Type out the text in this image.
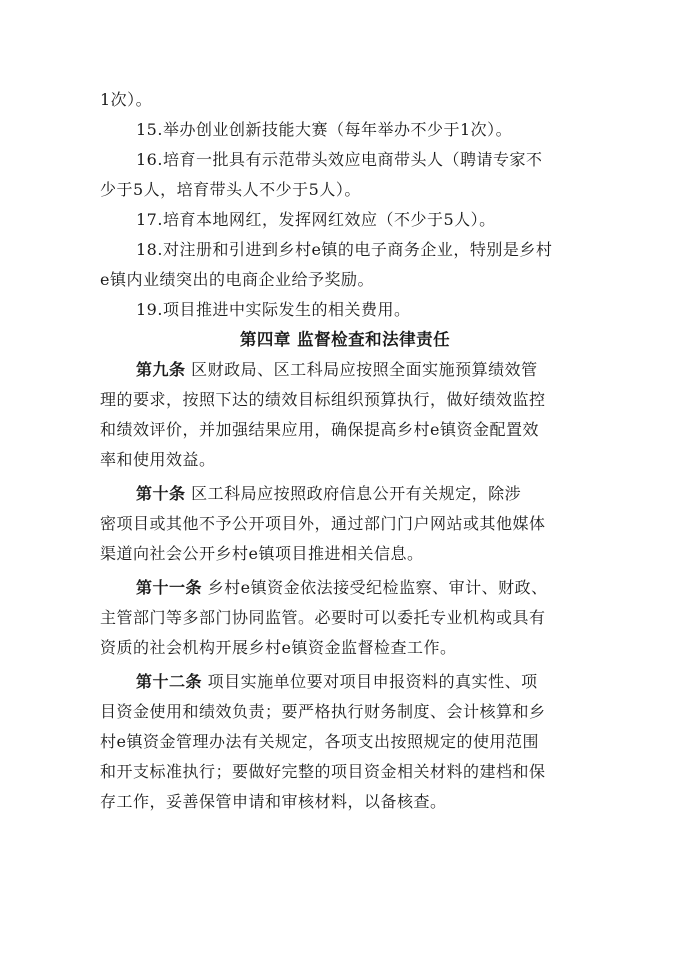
1次）。
15.举办创业创新技能大赛（每年举办不少于1次）。
16.培育一批具有示范带头效应电商带头人（聘请专家不
少于5人，培育带头人不少于5人）。
17.培育本地网红，发挥网红效应（不少于5人）。
18.对注册和引进到乡村e镇的电子商务企业，特别是乡村
e镇内业绩突出的电商企业给予奖励。
19.项目推进中实际发生的相关费用。
第四章 监督检查和法律责任
第九条 区财政局、区工科局应按照全面实施预算绩效管
理的要求，按照下达的绩效目标组织预算执行，做好绩效监控
和绩效评价，并加强结果应用，确保提高乡村e镇资金配置效
率和使用效益。
第十条 区工科局应按照政府信息公开有关规定，除涉
密项目或其他不予公开项目外，通过部门门户网站或其他媒体
渠道向社会公开乡村e镇项目推进相关信息。
第十一条 乡村e镇资金依法接受纪检监察、审计、财政、
主管部门等多部门协同监管。必要时可以委托专业机构或具有
资质的社会机构开展乡村e镇资金监督检查工作。
第十二条 项目实施单位要对项目申报资料的真实性、项
目资金使用和绩效负责；要严格执行财务制度、会计核算和乡
村e镇资金管理办法有关规定，各项支出按照规定的使用范围
和开支标准执行；要做好完整的项目资金相关材料的建档和保
存工作，妥善保管申请和审核材料，以备核查。
